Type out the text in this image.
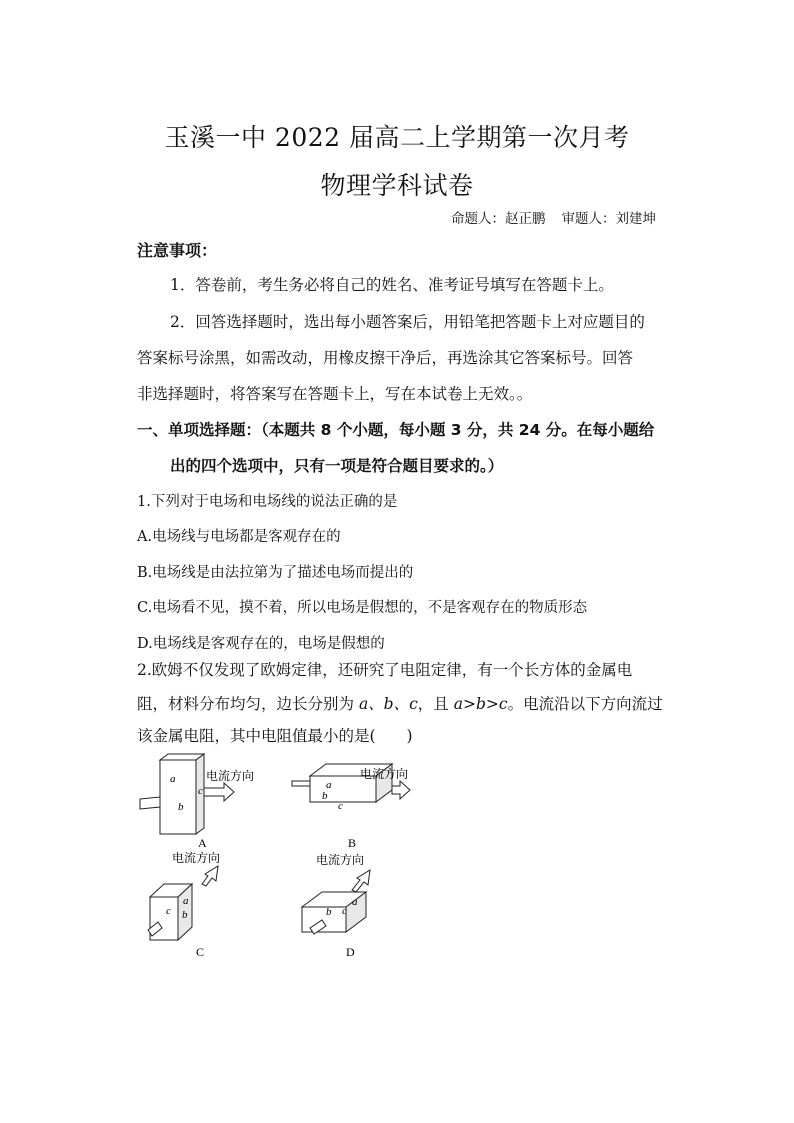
玉溪一中 2022 届高二上学期第一次月考
物理学科试卷
命题人：赵正鹏 审题人：刘建坤
注意事项：
1．答卷前，考生务必将自己的姓名、准考证号填写在答题卡上。
2．回答选择题时，选出每小题答案后，用铅笔把答题卡上对应题目的
答案标号涂黑，如需改动，用橡皮擦干净后，再选涂其它答案标号。回答
非选择题时，将答案写在答题卡上，写在本试卷上无效。。
一、单项选择题：（本题共 8 个小题，每小题 3 分，共 24 分。在每小题给
出的四个选项中，只有一项是符合题目要求的。）
1.下列对于电场和电场线的说法正确的是
A.电场线与电场都是客观存在的
B.电场线是由法拉第为了描述电场而提出的
C.电场看不见，摸不着，所以电场是假想的，不是客观存在的物质形态
D.电场线是客观存在的，电场是假想的
2.欧姆不仅发现了欧姆定律，还研究了电阻定律，有一个长方体的金属电
阻，材料分布均匀，边长分别为 a、b、c，且 a>b>c。电流沿以下方向流过
该金属电阻，其中电阻值最小的是(　　)
电流方向	电流方向
电流方向	电流方向
a
c
b
a
b
c
a
b
c
a
b c
A	B
C	D
